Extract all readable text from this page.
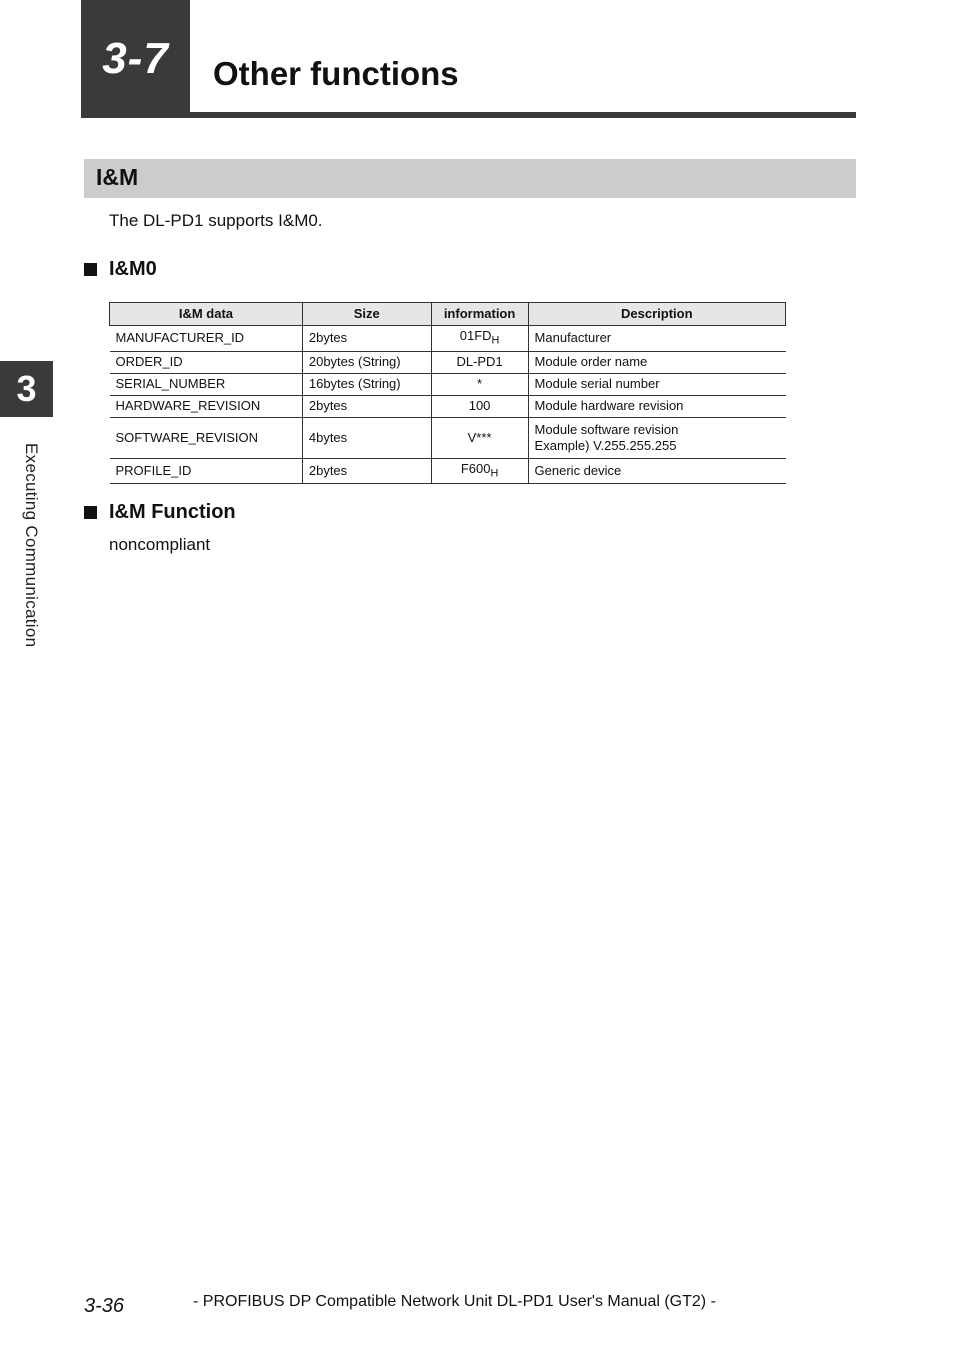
3-7 Other functions
I&M
The DL-PD1 supports I&M0.
I&M0
I&M data	Size	information	Description
MANUFACTURER_ID	2bytes	$01FD_H$	Manufacturer
ORDER_ID	20bytes (String)	DL-PD1	Module order name
SERIAL_NUMBER	16bytes (String)	*	Module serial number
HARDWARE_REVISION	2bytes	100	Module hardware revision
SOFTWARE_REVISION	4bytes	V***	Module software revision
Example) V.255.255.255

PROFILE_ID	2bytes	$F600_H$	Generic device
I&M Function
noncompliant
3
Executing Communication
3-36	- PROFIBUS DP Compatible Network Unit DL-PD1 User's Manual (GT2) -
